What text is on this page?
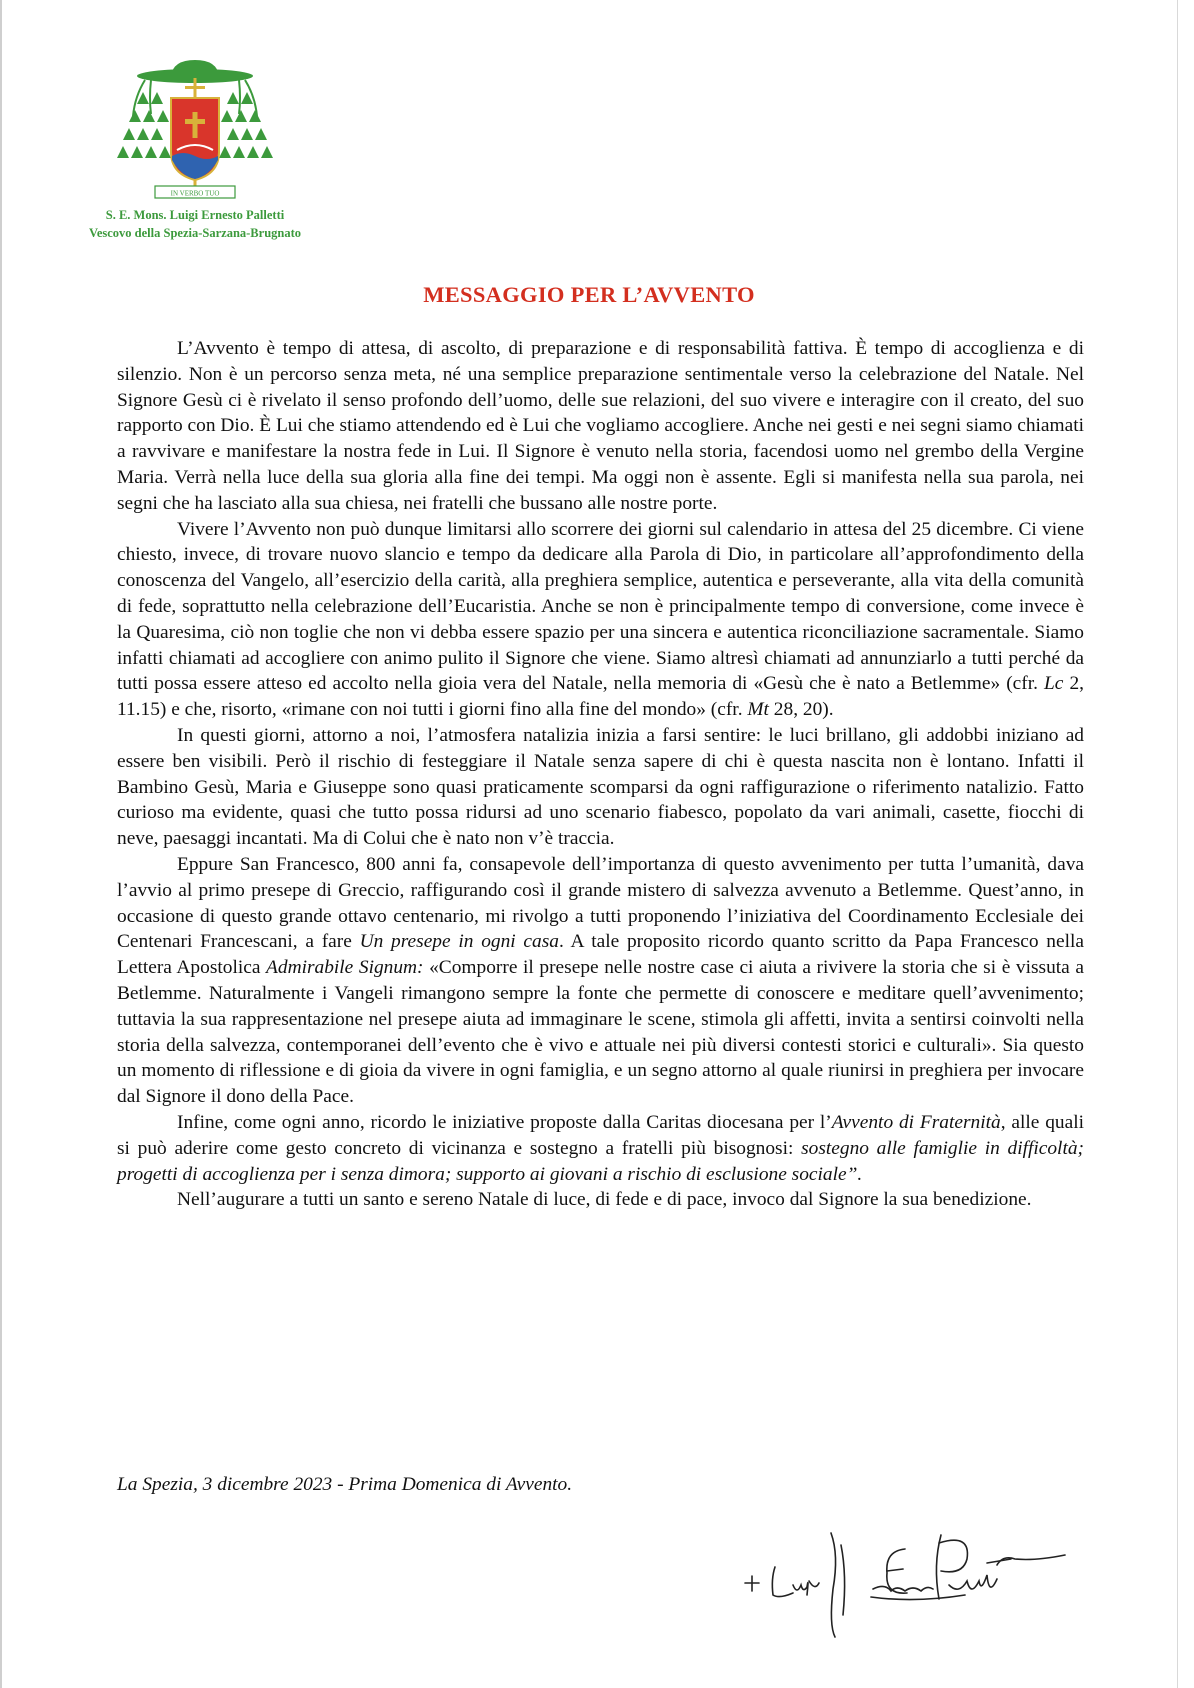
IN VERBO TUO
S. E. Mons. Luigi Ernesto Palletti
Vescovo della Spezia-Sarzana-Brugnato
MESSAGGIO PER L’AVVENTO

L’Avvento è tempo di attesa, di ascolto, di preparazione e di responsabilità fattiva. È tempo di accoglienza e di silenzio. Non è un percorso senza meta, né una semplice preparazione sentimentale verso la celebrazione del Natale. Nel Signore Gesù ci è rivelato il senso profondo dell’uomo, delle sue relazioni, del suo vivere e interagire con il creato, del suo rapporto con Dio. È Lui che stiamo attendendo ed è Lui che vogliamo accogliere. Anche nei gesti e nei segni siamo chiamati a ravvivare e manifestare la nostra fede in Lui. Il Signore è venuto nella storia, facendosi uomo nel grembo della Vergine Maria. Verrà nella luce della sua gloria alla fine dei tempi. Ma oggi non è assente. Egli si manifesta nella sua parola, nei segni che ha lasciato alla sua chiesa, nei fratelli che bussano alle nostre porte.

Vivere l’Avvento non può dunque limitarsi allo scorrere dei giorni sul calendario in attesa del 25 dicembre. Ci viene chiesto, invece, di trovare nuovo slancio e tempo da dedicare alla Parola di Dio, in particolare all’approfondimento della conoscenza del Vangelo, all’esercizio della carità, alla preghiera semplice, autentica e perseverante, alla vita della comunità di fede, soprattutto nella celebrazione dell’Eucaristia. Anche se non è principalmente tempo di conversione, come invece è la Quaresima, ciò non toglie che non vi debba essere spazio per una sincera e autentica riconciliazione sacramentale. Siamo infatti chiamati ad accogliere con animo pulito il Signore che viene. Siamo altresì chiamati ad annunziarlo a tutti perché da tutti possa essere atteso ed accolto nella gioia vera del Natale, nella memoria di «Gesù che è nato a Betlemme» (cfr. Lc 2, 11.15) e che, risorto, «rimane con noi tutti i giorni fino alla fine del mondo» (cfr. Mt 28, 20).

In questi giorni, attorno a noi, l’atmosfera natalizia inizia a farsi sentire: le luci brillano, gli addobbi iniziano ad essere ben visibili. Però il rischio di festeggiare il Natale senza sapere di chi è questa nascita non è lontano. Infatti il Bambino Gesù, Maria e Giuseppe sono quasi praticamente scomparsi da ogni raffigurazione o riferimento natalizio. Fatto curioso ma evidente, quasi che tutto possa ridursi ad uno scenario fiabesco, popolato da vari animali, casette, fiocchi di neve, paesaggi incantati. Ma di Colui che è nato non v’è traccia.

Eppure San Francesco, 800 anni fa, consapevole dell’importanza di questo avvenimento per tutta l’umanità, dava l’avvio al primo presepe di Greccio, raffigurando così il grande mistero di salvezza avvenuto a Betlemme. Quest’anno, in occasione di questo grande ottavo centenario, mi rivolgo a tutti proponendo l’iniziativa del Coordinamento Ecclesiale dei Centenari Francescani, a fare Un presepe in ogni casa. A tale proposito ricordo quanto scritto da Papa Francesco nella Lettera Apostolica Admirabile Signum: «Comporre il presepe nelle nostre case ci aiuta a rivivere la storia che si è vissuta a Betlemme. Naturalmente i Vangeli rimangono sempre la fonte che permette di conoscere e meditare quell’avvenimento; tuttavia la sua rappresentazione nel presepe aiuta ad immaginare le scene, stimola gli affetti, invita a sentirsi coinvolti nella storia della salvezza, contemporanei dell’evento che è vivo e attuale nei più diversi contesti storici e culturali». Sia questo un momento di riflessione e di gioia da vivere in ogni famiglia, e un segno attorno al quale riunirsi in preghiera per invocare dal Signore il dono della Pace.

Infine, come ogni anno, ricordo le iniziative proposte dalla Caritas diocesana per l’Avvento di Fraternità, alle quali si può aderire come gesto concreto di vicinanza e sostegno a fratelli più bisognosi: sostegno alle famiglie in difficoltà; progetti di accoglienza per i senza dimora; supporto ai giovani a rischio di esclusione sociale”.

Nell’augurare a tutti un santo e sereno Natale di luce, di fede e di pace, invoco dal Signore la sua benedizione.

La Spezia, 3 dicembre 2023 - Prima Domenica di Avvento.
